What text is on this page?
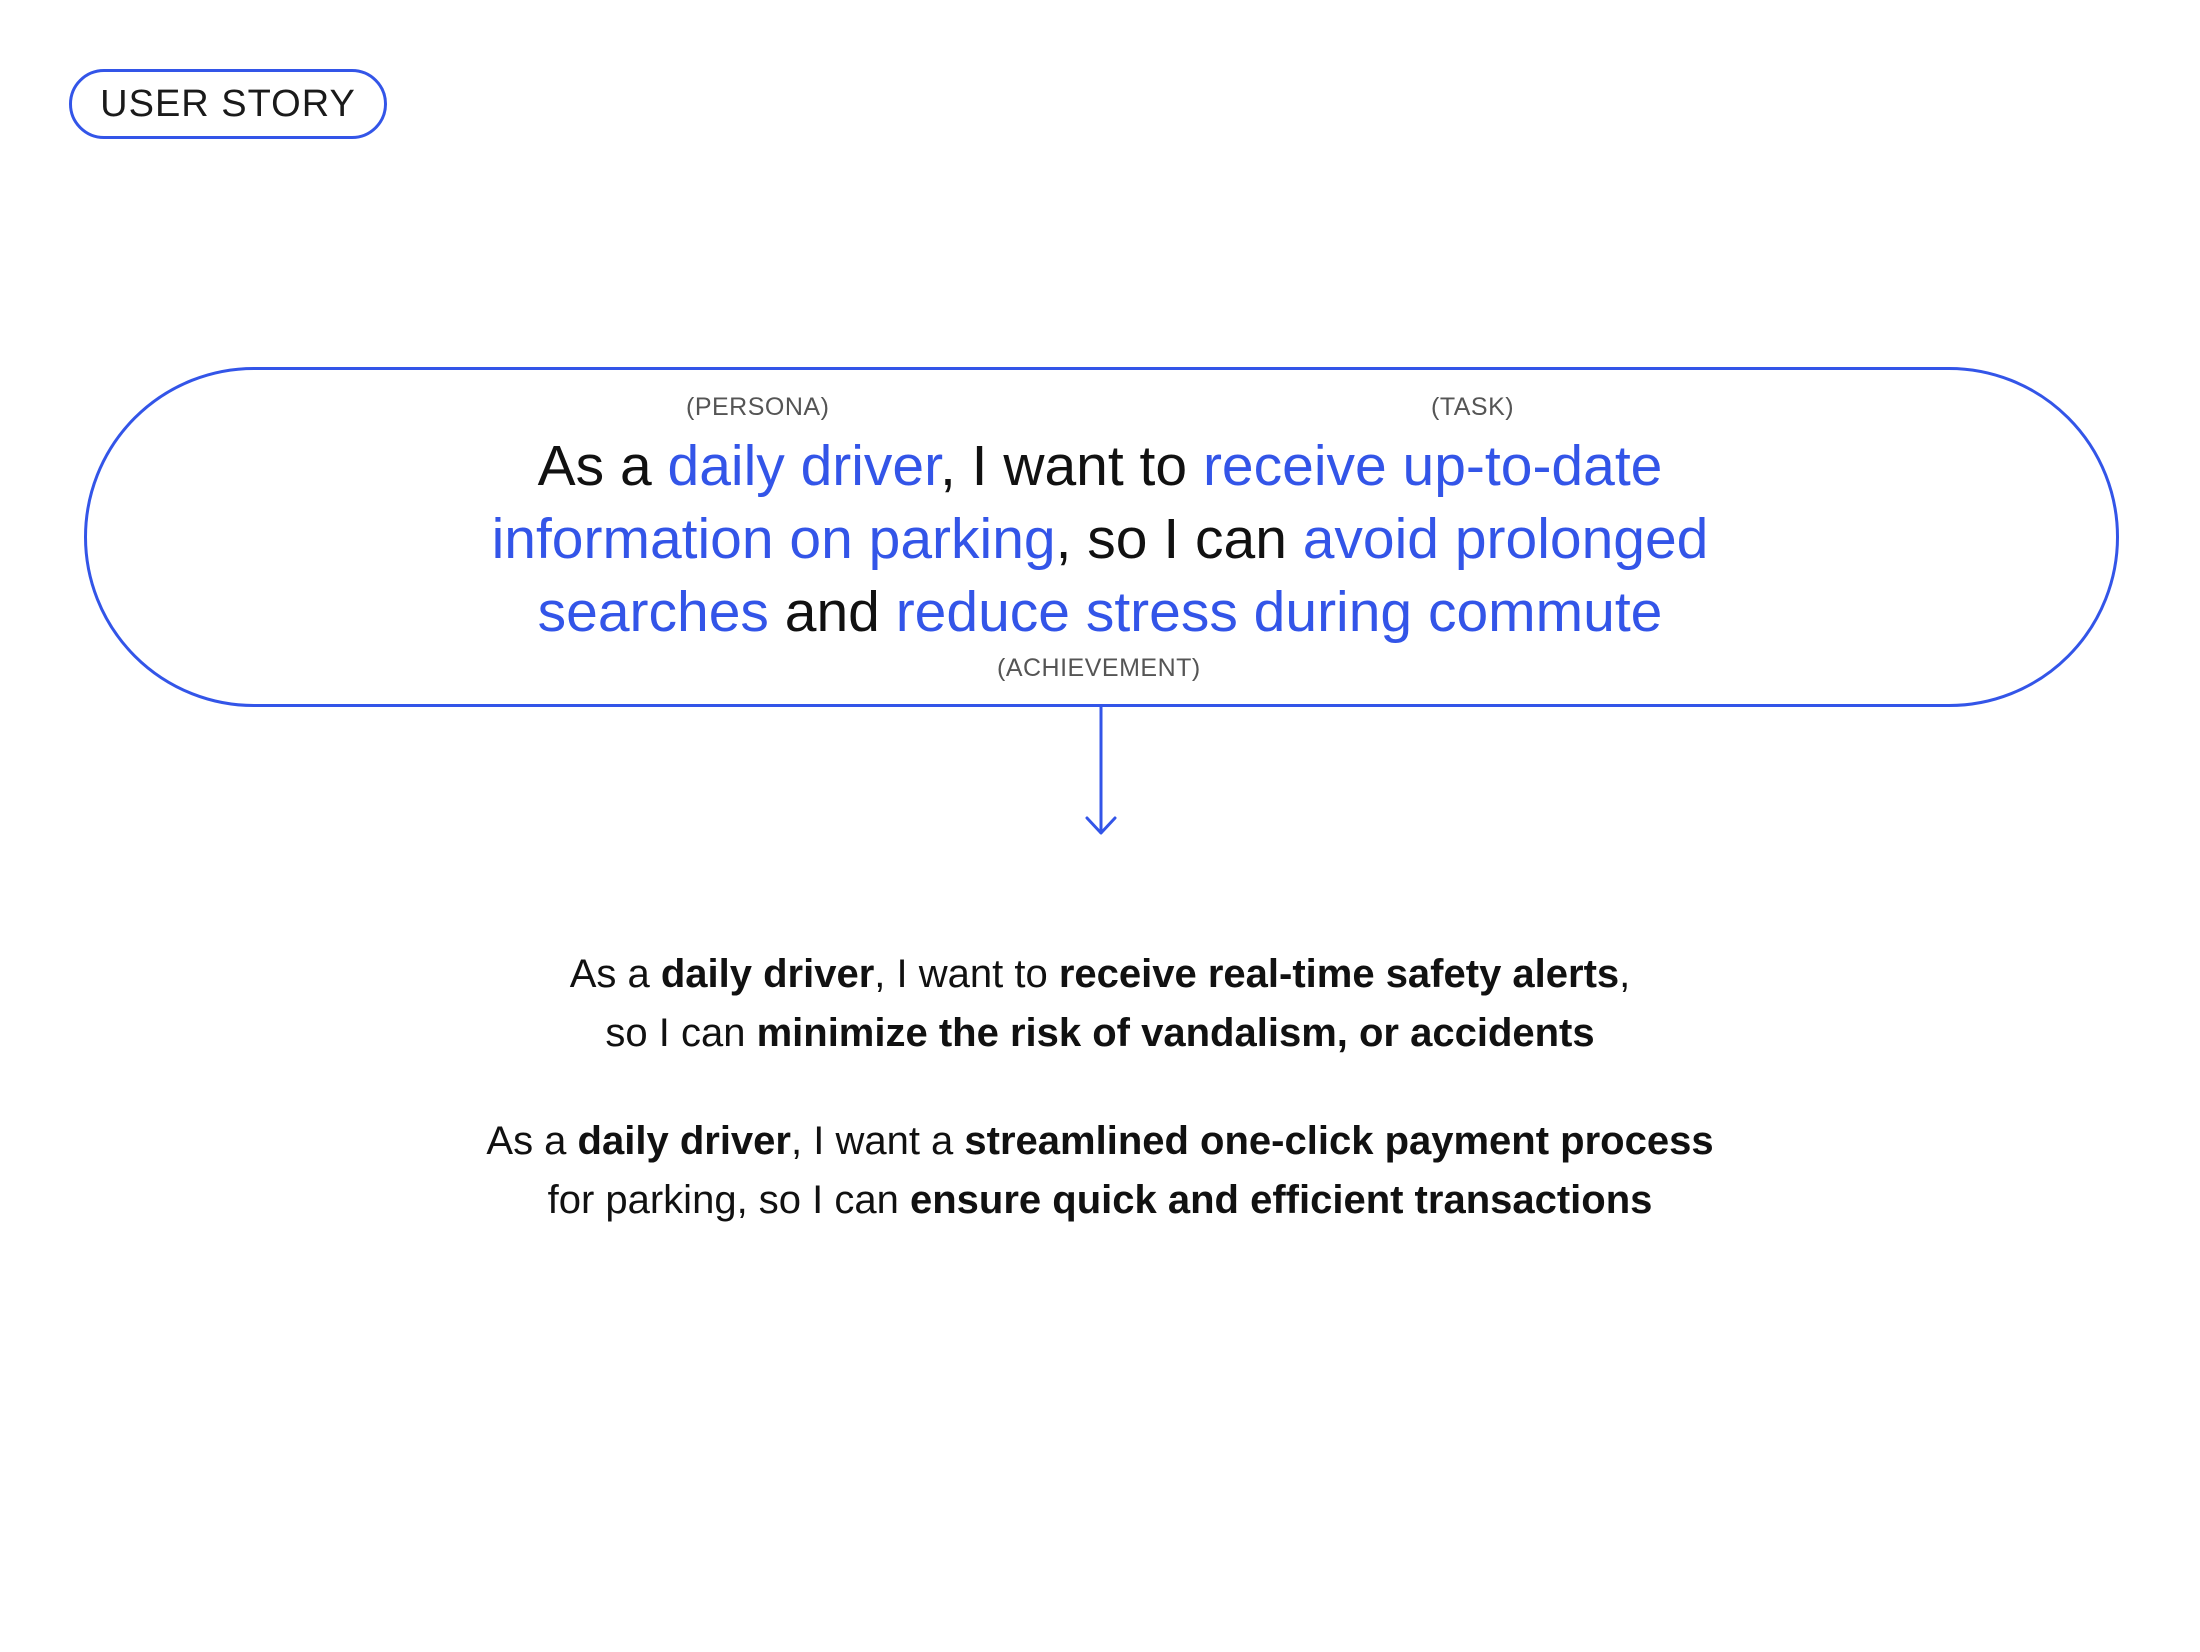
USER STORY
(PERSONA)	(TASK)
(ACHIEVEMENT)
As a daily driver, I want to receive up-to-date
information on parking, so I can avoid prolonged
searches and reduce stress during commute
As a daily driver, I want to receive real-time safety alerts,
so I can minimize the risk of vandalism, or accidents
As a daily driver, I want a streamlined one-click payment process
for parking, so I can ensure quick and efficient transactions
